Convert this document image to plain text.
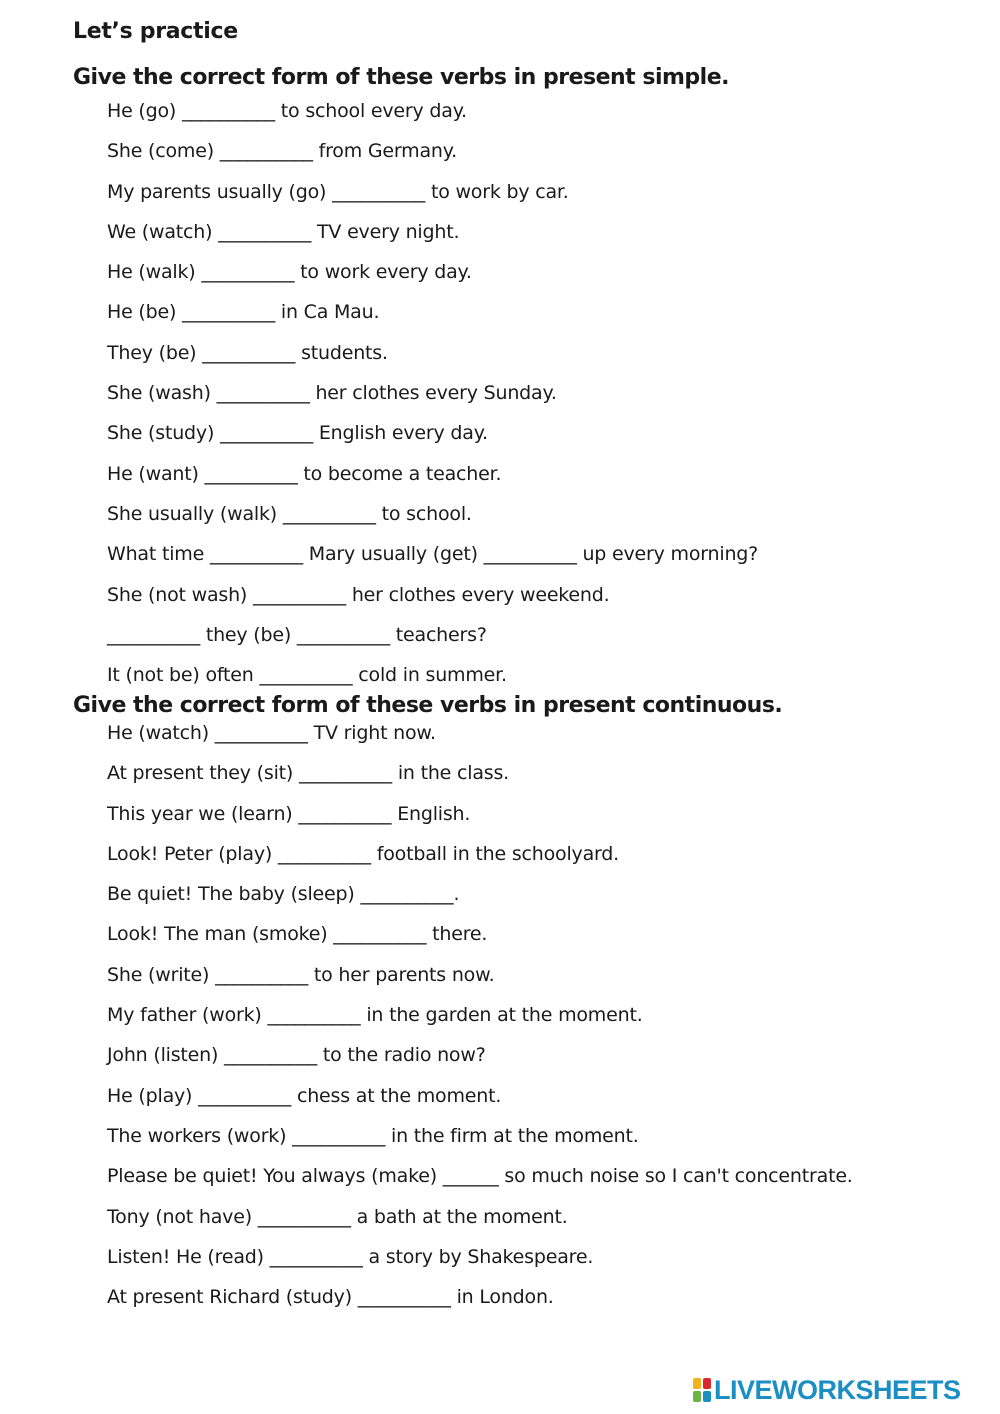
Let’s practice
Give the correct form of these verbs in present simple.
He (go) __________ to school every day.
She (come) __________ from Germany.
My parents usually (go) __________ to work by car.
We (watch) __________ TV every night.
He (walk) __________ to work every day.
He (be) __________ in Ca Mau.
They (be) __________ students.
She (wash) __________ her clothes every Sunday.
She (study) __________ English every day.
He (want) __________ to become a teacher.
She usually (walk) __________ to school.
What time __________ Mary usually (get) __________ up every morning?
She (not wash) __________ her clothes every weekend.
__________ they (be) __________ teachers?
It (not be) often __________ cold in summer.
Give the correct form of these verbs in present continuous.
He (watch) __________ TV right now.
At present they (sit) __________ in the class.
This year we (learn) __________ English.
Look! Peter (play) __________ football in the schoolyard.
Be quiet! The baby (sleep) __________.
Look! The man (smoke) __________ there.
She (write) __________ to her parents now.
My father (work) __________ in the garden at the moment.
John (listen) __________ to the radio now?
He (play) __________ chess at the moment.
The workers (work) __________ in the firm at the moment.
Please be quiet! You always (make) ______ so much noise so I can't concentrate.
Tony (not have) __________ a bath at the moment.
Listen! He (read) __________ a story by Shakespeare.
At present Richard (study) __________ in London.
LIVEWORKSHEETS
